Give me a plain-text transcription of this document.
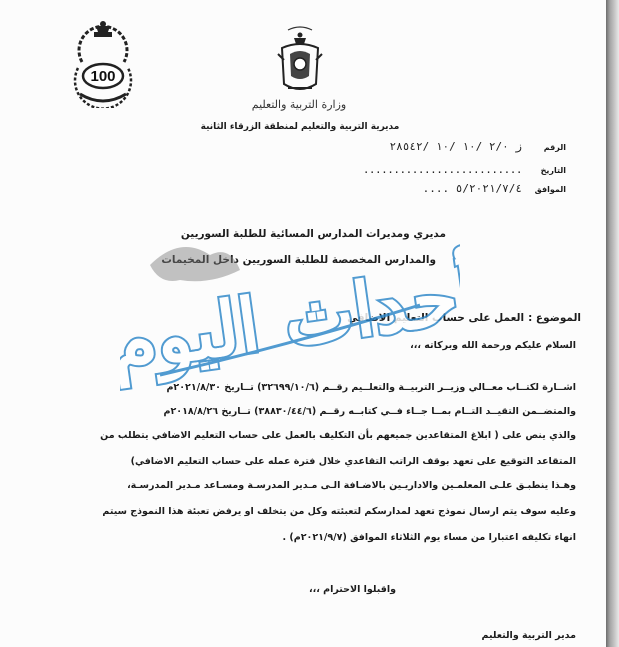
100
وزارة التربية والتعليم
مديرية التربية والتعليم لمنطقة الزرقاء الثانية
الرقم
ز ٢/٠ /١٠ /١٠ /٢٨٥٤٢
التاريخ
..........................
الموافق
٥/٢٠٢١/٧/٤ ....
مديري ومديرات المدارس المسائية للطلبة السوريين
والمدارس المخصصة للطلبة السوريين داخل المخيمات
الموضوع :
العمل على حساب التعليم الاضافي
السلام عليكم ورحمة الله وبركاته ،،،
اشــارة لكتــاب معــالي وزيــر التربيــة والتعلــيم رقــم (٣٢٦٩٩/١٠/٦) تــاريخ ٢٠٢١/٨/٣٠م
والمتضــمن التقيــد التــام بمــا جــاء فــي كتابــه رقــم (٣٨٨٣٠/٤٤/٦) تــاريخ ٢٠١٨/٨/٢٦م
والذي ينص على ( ابلاغ المتقاعدين جميعهم بأن التكليف بالعمل على حساب التعليم الاضافي يتطلب من
المتقاعد التوقيع على تعهد بوقف الراتب التقاعدي خلال فترة عمله على حساب التعليم الاضافي)
وهـذا ينطبـق علـى المعلمـين والاداريـين بالاضـافة الـى مـدير المدرسـة ومسـاعد مـدير المدرسـة،
وعليه سوف يتم ارسال نموذج تعهد لمدارسكم لتعبئته وكل من يتخلف او يرفض تعبئة هذا النموذج سيتم
انهاء تكليفه اعتبارا من مساء يوم الثلاثاء الموافق (٢٠٢١/٩/٧م) .
واقبلوا الاحترام ،،،
مدير التربية والتعليم
أحداث اليوم
